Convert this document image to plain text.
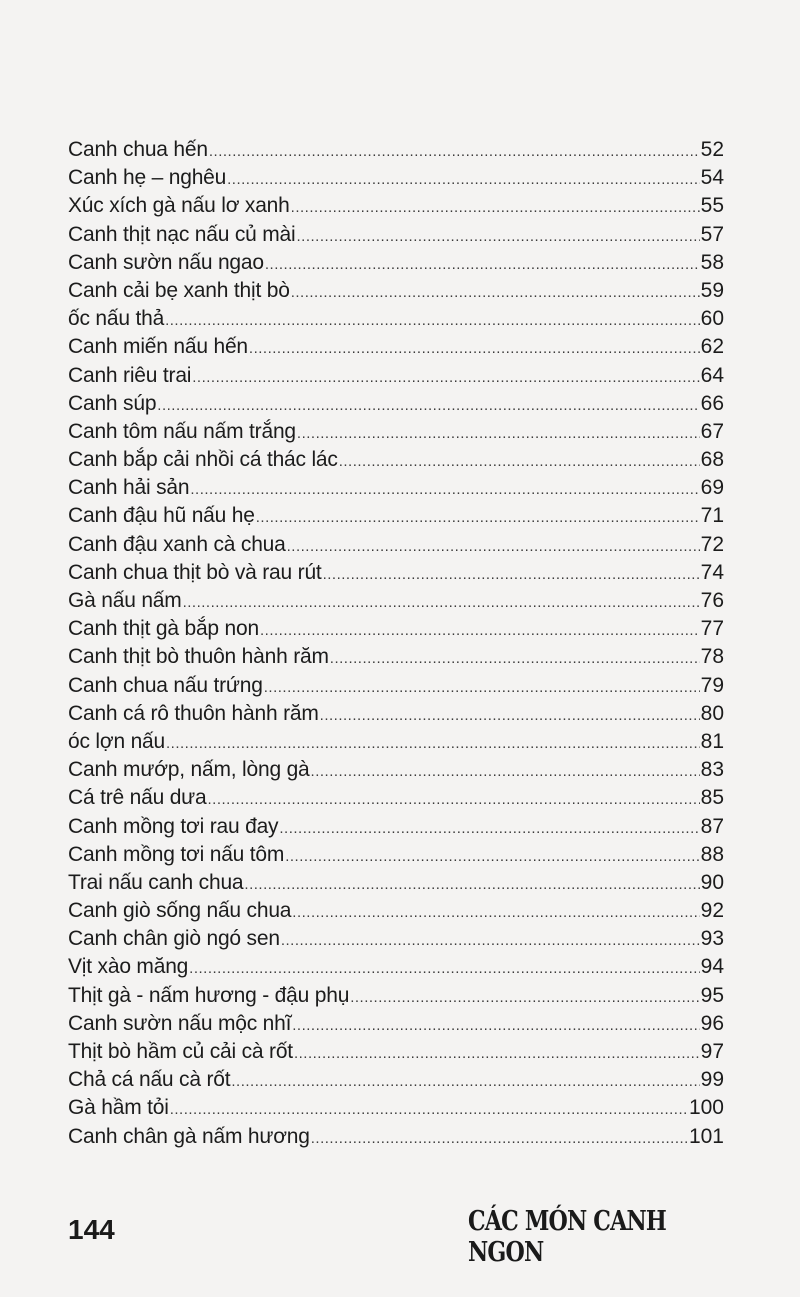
Canh chua hến .....	52
Canh hẹ – nghêu .....	54
Xúc xích gà nấu lơ xanh .....	55
Canh thịt nạc nấu củ mài .....	57
Canh sườn nấu ngao .....	58
Canh cải bẹ xanh thịt bò .....	59
ốc nấu thả .....	60
Canh miến nấu hến .....	62
Canh riêu trai .....	64
Canh súp .....	66
Canh tôm nấu nấm trắng .....	67
Canh bắp cải nhồi cá thác lác .....	68
Canh hải sản .....	69
Canh đậu hũ nấu hẹ .....	71
Canh đậu xanh cà chua .....	72
Canh chua thịt bò và rau rút .....	74
Gà nấu nấm .....	76
Canh thịt gà bắp non .....	77
Canh thịt bò thuôn hành răm .....	78
Canh chua nấu trứng .....	79
Canh cá rô thuôn hành răm .....	80
óc lợn nấu .....	81
Canh mướp, nấm, lòng gà .....	83
Cá trê nấu dưa .....	85
Canh mồng tơi rau đay .....	87
Canh mồng tơi nấu tôm .....	88
Trai nấu canh chua .....	90
Canh giò sống nấu chua .....	92
Canh chân giò ngó sen .....	93
Vịt xào măng .....	94
Thịt gà - nấm hương - đậu phụ .....	95
Canh sườn nấu mộc nhĩ .....	96
Thịt bò hầm củ cải cà rốt .....	97
Chả cá nấu cà rốt .....	99
Gà hầm tỏi .....	100
Canh chân gà nấm hương .....	101
144	CÁC MÓN CANH NGON
